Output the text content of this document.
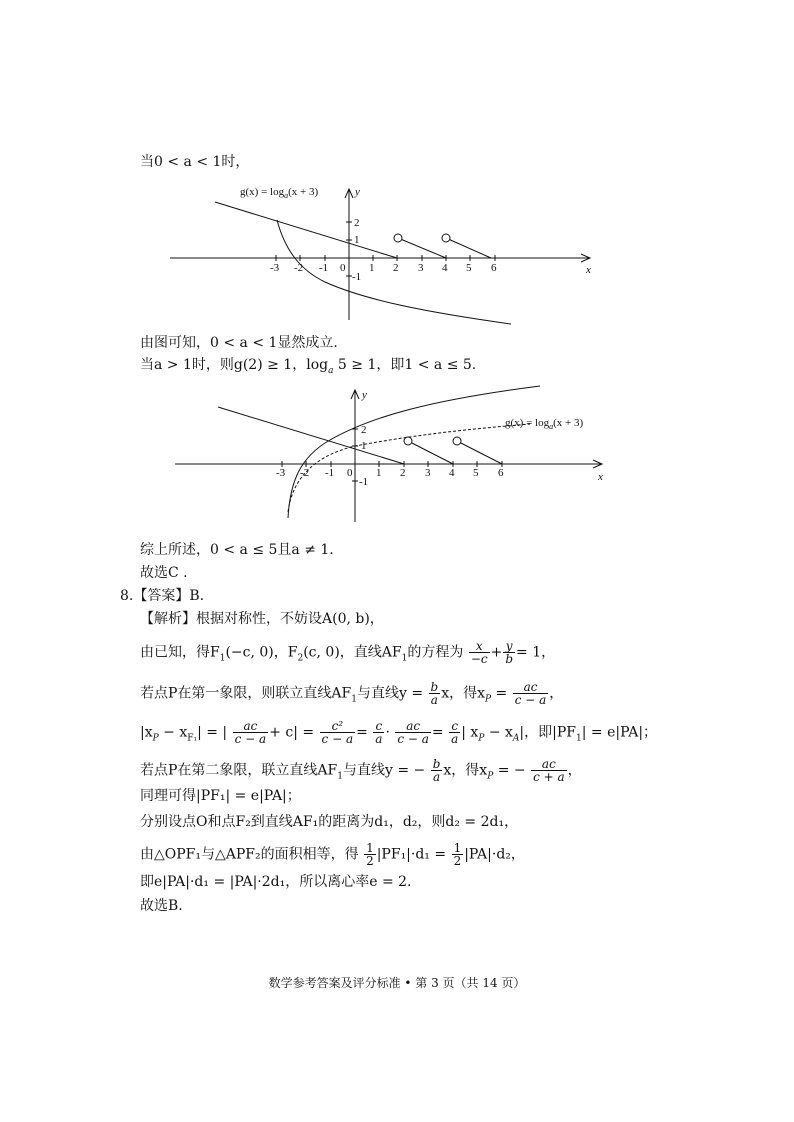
当0 < a < 1时，
$g(x) = \log_a(x + 3)$	y
x
-3 -2 -1 0 1 2 3 4 5 6
2
1
-1
由图可知，0 < a < 1显然成立.
当a > 1时，则g(2) ≥ 1，$\log_a 5 \ge 1$，即1 < a ≤ 5.
$g(x) = \log_a(x + 3)$
y
x
-3 -2 -1 0 1 2 3 4 5 6
2
1
-1
综上所述，0 < a ≤ 5且a ≠ 1.
故选C .
8.【答案】B.
【解析】根据对称性，不妨设A(0, b)，
由已知，得$F_1(-c$, 0)，$F_2(c$, 0)，直线$AF_1$的方程为 $\frac{x}{-c} + \frac{y}{b} = 1$，
若点P在第一象限，则联立直线$AF_1$与直线$y = \frac{b}{a}$ x，得$x_P = \frac{ac}{c - a}$ ，
$|x_P - x_{F_1}|$ = | $\frac{ac}{c - a} + c| = \frac{\text{c²}}{c - a} = \frac{c}{a} \cdot \frac{ac}{c - a} = \frac{c}{a}$ | $x_P - x_A|$，即$|PF_1| = e|PA|$；
若点P在第二象限，联立直线$AF_1$与直线y = − $\frac{b}{a}$ x，得$x_P$ = − $\frac{ac}{c + a}$ ，
同理可得|PF₁| = e|PA|；
分别设点O和点F₂到直线AF₁的距离为d₁，d₂，则d₂ = 2d₁，
由△OPF₁与△APF₂的面积相等，得 $\frac{1}{2} |PF_1|\cdot d_1 = \frac{1}{2} |PA|\cdot d_2$，
即e|PA|·d₁ = |PA|·2d₁，所以离心率e = 2.
故选B.
数学参考答案及评分标准 • 第 3 页（共 14 页）
